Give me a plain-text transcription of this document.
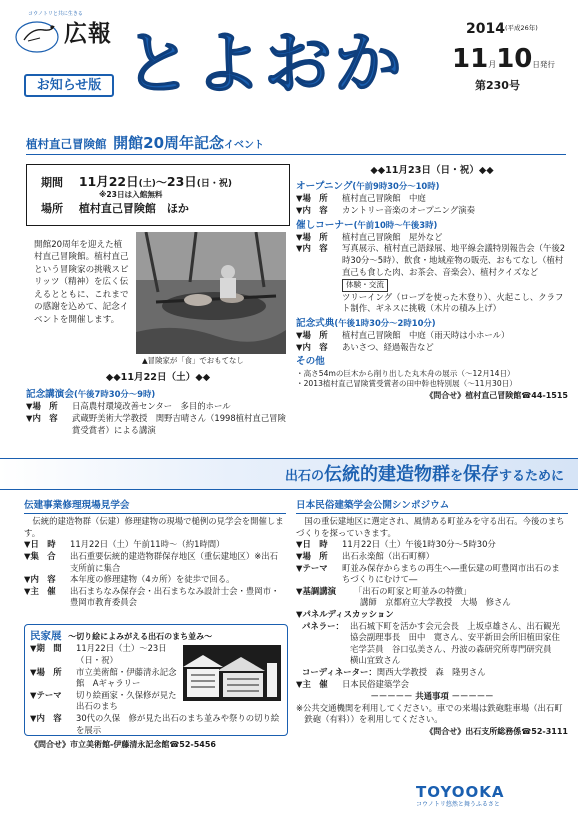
コウノトリと共に生きる
広報
お知らせ版 とよおか	2014 (平成26年)
11月10日発行
第230号
植村直己冒険館 開館20周年記念イベント
期間 11月22日(土)～23日(日・祝)
※23日は入館無料
場所 植村直己冒険館　ほか
開館20周年を迎えた植村直己冒険館。植村直己という冒険家の挑戦スピリッツ（精神）を広く伝えるとともに、これまでの感謝を込めて、記念イベントを開催します。
▲冒険家が「食」でおもてなし
◆◆11月22日（土）◆◆
記念講演会(午後7時30分～9時)
▼場　所	日高農村環境改善センター　多目的ホール
▼内　容	武蔵野美術大学教授　関野吉晴さん（1998植村直己冒険賞受賞者）による講演
◆◆11月23日（日・祝）◆◆
オープニング(午前9時30分～10時)
▼場　所	植村直己冒険館　中庭
▼内　容	カントリー音楽のオープニング演奏
催しコーナー(午前10時～午後3時)
▼場　所	植村直己冒険館　屋外など
▼内　容	写真展示、植村直己語録展、地平線会議特別報告会（午後2時30分～5時）、飲食・地域産物の販売、おもてなし（植村直己も食した肉、お茶会、音楽会）、植村クイズなど
体験・交流
ツリーイング（ロープを使った木登り）、火起こし、クラフト制作、ギネスに挑戦（木片の積み上げ）
記念式典(午後1時30分～2時10分)
▼場　所	植村直己冒険館　中庭（雨天時は小ホール）
▼内　容	あいさつ、経過報告など
その他
・高さ54mの巨木から削り出した丸木舟の展示（～12月14日）
・2013植村直己冒険賞受賞者の田中幹也特別展（～11月30日）
《問合せ》植村直己冒険館☎44-1515
出石の伝統的建造物群を保存するために
伝建事業修理現場見学会
伝統的建造物群（伝建）修理建物の現場で槌例の見学会を開催します。
▼日　時	11月22日（土）午前11時～（約1時間）
▼集　合	出石重要伝統的建造物群保存地区（重伝建地区）※出石支所前に集合
▼内　容	本年度の修理建物（4カ所）を徒歩で回る。
▼主　催	出石まちなみ保存会・出石まちなみ設計士会・豊岡市・豊岡市教育委員会
民家展 ～切り絵によみがえる出石のまち並み～
▼期　間	11月22日（土）～23日（日・祝）
▼場　所	市立美術館・伊藤清永記念館　Aギャラリー
▼テーマ	切り絵画家・久保修が見た出石のまち
▼内　容	30代の久保　修が見た出石のまち並みや祭りの切り絵を展示
《問合せ》市立美術館-伊藤清永記念館☎52-5456
日本民俗建築学会公開シンポジウム
国の重伝建地区に選定され、風情ある町並みを守る出石。今後のまちづくりを探っていきます。
▼日　時	11月22日（土）午後1時30分～5時30分
▼場　所	出石永楽館（出石町柳）
▼テーマ	町並み保存からまちの再生へ―重伝建の町豊岡市出石のまちづくりにむけて―
▼基調講演	「出石の町家と町並みの特徴」
講師　京都府立大学教授　大場　修さん
▼パネルディスカッション
パネラー： 出石城下町を活かす会元会長　上坂卓雄さん、出石観光協会副理事長　田中　寛さん、安平新田会所旧植田家住宅学芸員　谷口弘美さん、丹波の森研究所専門研究員　横山宜致さん
コーディネーター：関西大学教授　森　隆男さん
▼主　催	日本民俗建築学会
－－－－－ 共通事項 －－－－－
※公共交通機関を利用してください。車での来場は鉄砲駐車場（出石町鉄砲（有料））を利用してください。
《問合せ》出石支所総務係☎52-3111
TOYOOKA
コウノトリ悠然と舞うふるさと
